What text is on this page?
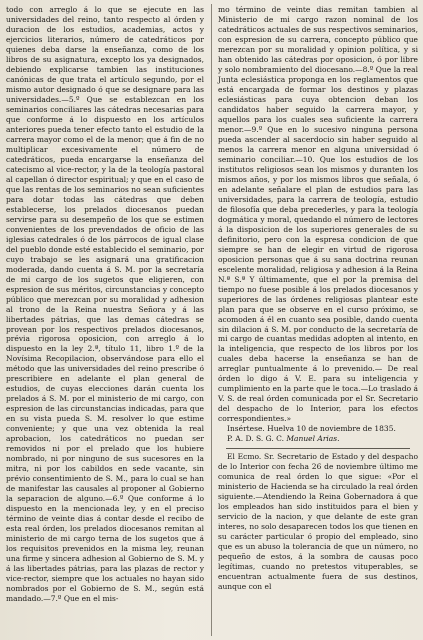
todo con arreglo á lo que se ejecute en las universidades del reino, tanto respecto al órden y duracion de los estudios, academias, actos y ejercicios literarios, número de catedráticos por quienes deba darse la enseñanza, como de los libros de su asignatura, excepto los ya designados, debiendo explicarse tambien las instituciones canónicas de que trata el artículo segundo, por el mismo autor designado ó que se designare para las universidades.—5.º Que se establezcan en los seminarios conciliares las cátedras necesarias para que conforme á lo dispuesto en los artículos anteriores pueda tener efecto tanto el estudio de la carrera mayor como el de la menor; que á fin de no multiplicar excesivamente el número de catedráticos, pueda encargarse la enseñanza del catecismo al vice-rector, y la de la teología pastoral al capellan ó director espiritual; y que en el caso de que las rentas de los seminarios no sean suficientes para dotar todas las cátedras que deben establecerse, los prelados diocesanos puedan servirse para su desempeño de los que se estimen convenientes de los prevendados de oficio de las iglesias catedrales ó de los párrocos de igual clase del pueblo donde esté establecido el seminario, por cuyo trabajo se les asignará una gratificacion moderada, dando cuenta á S. M. por la secretaría de mi cargo de los sugetos que eligieren, con espresion de sus méritos, circunstancias y concepto público que merezcan por su moralidad y adhesion al trono de la Reina nuestra Señora y á las libertades pátrias, que las demas cátedras se provean por los respectivos prelados diocesanos, prévia rigorosa oposicion, con arreglo á lo dispuesto en la ley 2.ª, título 11, libro 1.º de la Novísima Recopilacion, observándose para ello el método que las universidades del reino prescribe ó prescribiere en adelante el plan general de estudios, de cuyas elecciones darán cuenta los prelados á S. M. por el ministerio de mi cargo, con espresion de las circunstancias indicadas, para que en su vista pueda S. M. resolver lo que estime conveniente; y que una vez obtenida la real aprobacion, los catedráticos no puedan ser removidos ni por el prelado que los hubiere nombrado, ni por ninguno de sus sucesores en la mitra, ni por los cabildos en sede vacante, sin prévio consentimiento de S. M., para lo cual se han de manifestar las causales al proponer al Gobierno la separacion de alguno.—6.º Que conforme á lo dispuesto en la mencionada ley, y en el preciso término de veinte dias á contar desde el recibo de esta real órden, los prelados diocesanos remitan al ministerio de mi cargo terna de los sugetos que á los requisitos prevenidos en la misma ley, reunan una firme y sincera adhesion al Gobierno de S. M. y á las libertades pátrias, para las plazas de rector y vice-rector, siempre que los actuales no hayan sido nombrados por el Gobierno de S. M., según está mandado.—7.º Que en el mis-

mo término de veinte dias remitan tambien al Ministerio de mi cargo razon nominal de los catedráticos actuales de sus respectivos seminarios, con espresion de su carrera, concepto público que merezcan por su moralidad y opinion política, y si han obtenido las cátedras por oposicion, ó por libre y solo nombramiento del diocesano.—8.º Que la real Junta eclesiástica proponga en los reglamentos que está encargada de formar los destinos y plazas eclesiásticas para cuya obtencion deban los candidatos haber seguido la carrera mayor, y aquellos para los cuales sea suficiente la carrera menor.—9.º Que en lo sucesivo ninguna persona pueda ascender al sacerdocio sin haber seguido al menos la carrera menor en alguna universidad ó seminario conciliar.—10. Que los estudios de los institutos religiosos sean los mismos y duranten los mismos años, y por los mismos libros que señala, ó en adelante señalare el plan de estudios para las universidades, para la carrera de teología, estudio de filosofía que deba precederles, y para la teología dogmática y moral, quedando el número de lectores á la disposicion de los superiores generales de su definitorio, pero con la espresa condicion de que siempre se han de elegir en virtud de rigorosa oposicion personas que á su sana doctrina reunan escelente moralidad, religiosa y adhesion á la Reina N.ª S.ª Y últimamente, que el por la premisa del tiempo no fuese posible á los prelados diocesanos y superiores de las órdenes religiosas plantear este plan para que se observe en el curso próximo, se acomoden á él en cuanto sea posible, dando cuenta sin dilacion á S. M. por conducto de la secretaría de mi cargo de cuantas medidas adopten al intento, en la inteligencia, que respecto de los libros por los cuales deba hacerse la enseñanza se han de arreglar puntualmente á lo prevenido.— De real órden lo digo á V. E. para su inteligencia y cumplimiento en la parte que le toca.—Lo traslado á V. S. de real órden comunicada por el Sr. Secretario del despacho de lo Interior, para los efectos correspondientes.»

Insértese. Huelva 10 de noviembre de 1835.

P. A. D. S. G. C. Manuel Arias.

El Ecmo. Sr. Secretario de Estado y del despacho de lo Interior con fecha 26 de noviembre último me comunica de real órden lo que sigue: «Por el ministerio de Hacienda se ha circulado la real órden siguiente.—Atendiendo la Reina Gobernadora á que los empleados han sido instituidos para el bien y servicio de la nacion, y que delante de este gran interes, no solo desaparecen todos los que tienen en su carácter particular ó propio del empleado, sino que es un abuso la tolerancia de que un número, no pequeño de estos, á la sombra de causas poco legítimas, cuando no pretestos vituperables, se encuentran actualmente fuera de sus destinos, aunque con el
